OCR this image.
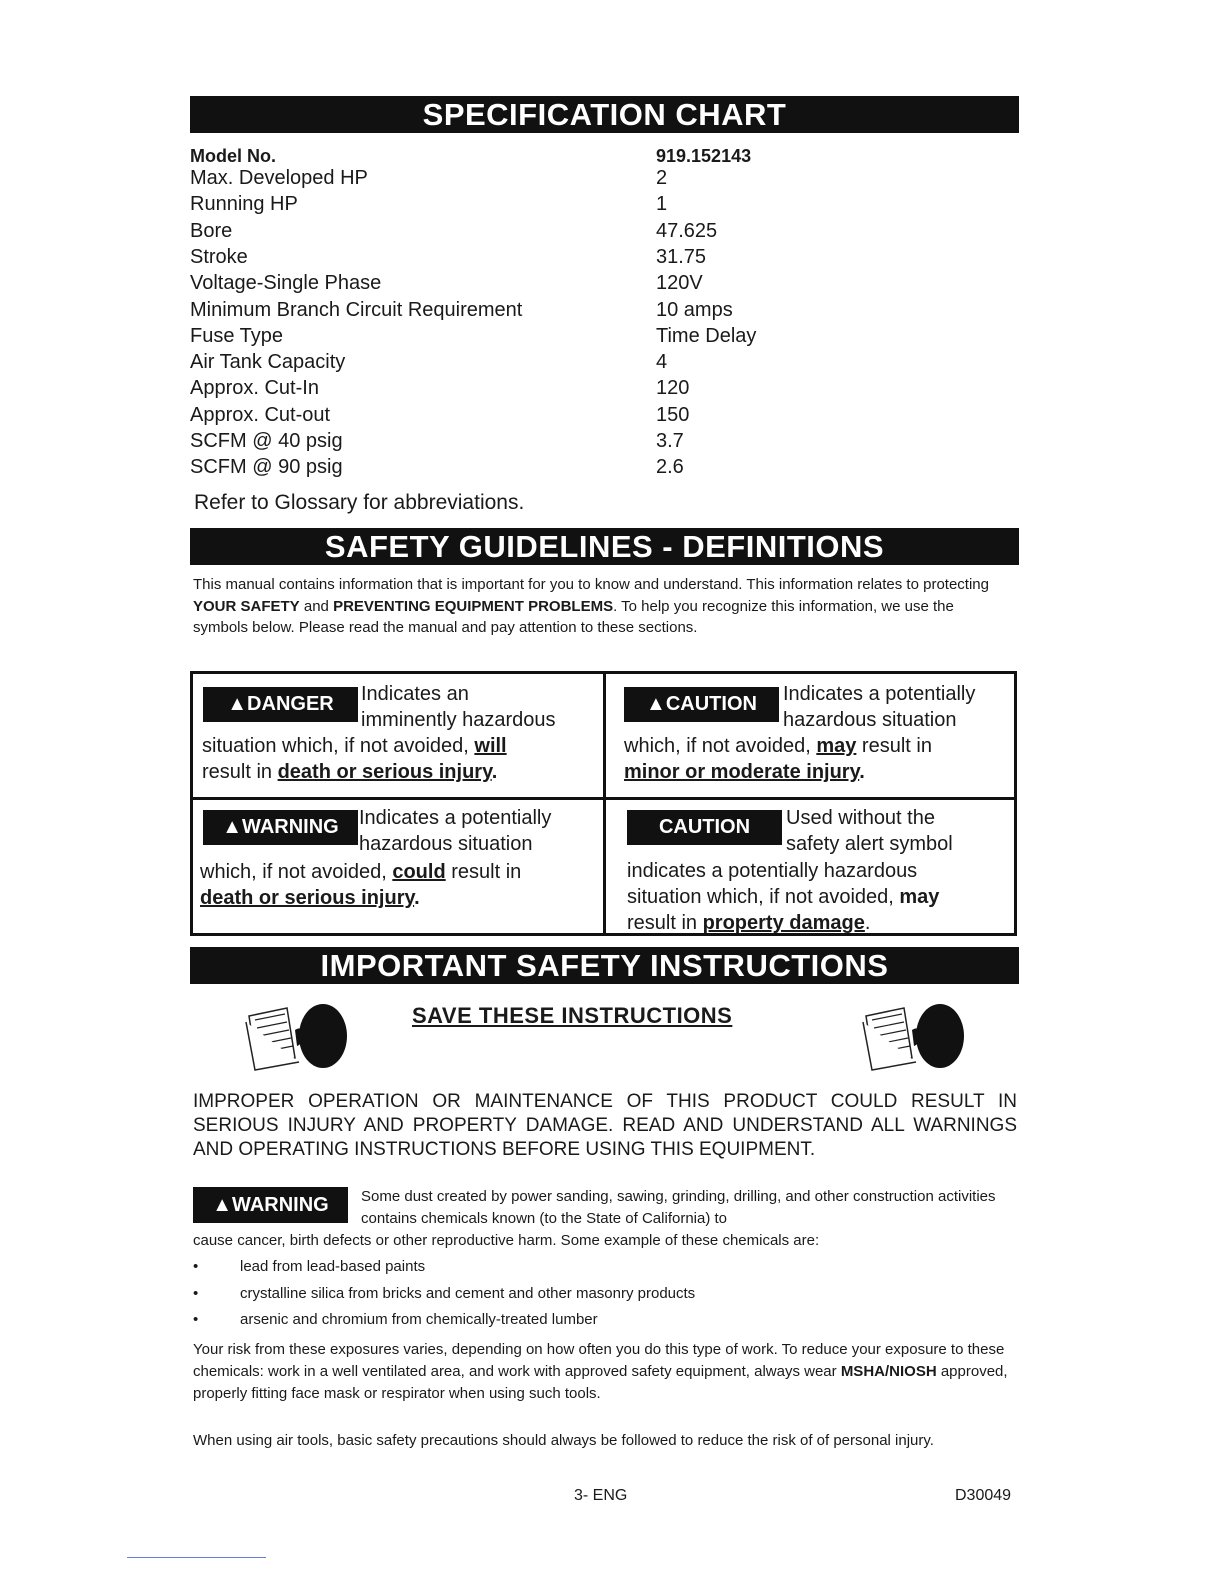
SPECIFICATION CHART
Model No.	919.152143
Max. Developed HP	2
Running HP	1
Bore	47.625
Stroke	31.75
Voltage-Single Phase	120V
Minimum Branch Circuit Requirement	10 amps
Fuse Type	Time Delay
Air Tank Capacity	4
Approx. Cut-In	120
Approx. Cut-out	150
SCFM @ 40 psig	3.7
SCFM @ 90 psig	2.6
Refer to Glossary for abbreviations.
SAFETY GUIDELINES - DEFINITIONS
This manual contains information that is important for you to know and understand. This information relates to protecting YOUR SAFETY and PREVENTING EQUIPMENT PROBLEMS. To help you recognize this information, we use the symbols below. Please read the manual and pay attention to these sections.
▲DANGER	Indicates an
imminently hazardous
situation which, if not avoided, will
result in death or serious injury.
▲CAUTION	Indicates a potentially
hazardous situation
which, if not avoided, may result in
minor or moderate injury.
▲WARNING	Indicates a potentially
hazardous situation
which, if not avoided, could result in
death or serious injury.
CAUTION	Used without the
safety alert symbol
indicates a potentially hazardous
situation which, if not avoided, may
result in property damage.
IMPORTANT SAFETY INSTRUCTIONS
SAVE THESE INSTRUCTIONS
IMPROPER OPERATION OR MAINTENANCE OF THIS PRODUCT COULD RESULT IN SERIOUS INJURY AND PROPERTY DAMAGE. READ AND UNDERSTAND ALL WARNINGS AND OPERATING INSTRUCTIONS BEFORE USING THIS EQUIPMENT.
▲WARNING	Some dust created by power sanding, sawing, grinding, drilling, and other construction activities contains chemicals known (to the State of California) to
cause cancer, birth defects or other reproductive harm. Some example of these chemicals are:
•	lead from lead-based paints
•	crystalline silica from bricks and cement and other masonry products
•	arsenic and chromium from chemically-treated lumber
Your risk from these exposures varies, depending on how often you do this type of work. To reduce your exposure to these chemicals: work in a well ventilated area, and work with approved safety equipment, always wear MSHA/NIOSH approved, properly fitting face mask or respirator when using such tools.
When using air tools, basic safety precautions should always be followed to reduce the risk of of personal injury.
3- ENG	D30049
